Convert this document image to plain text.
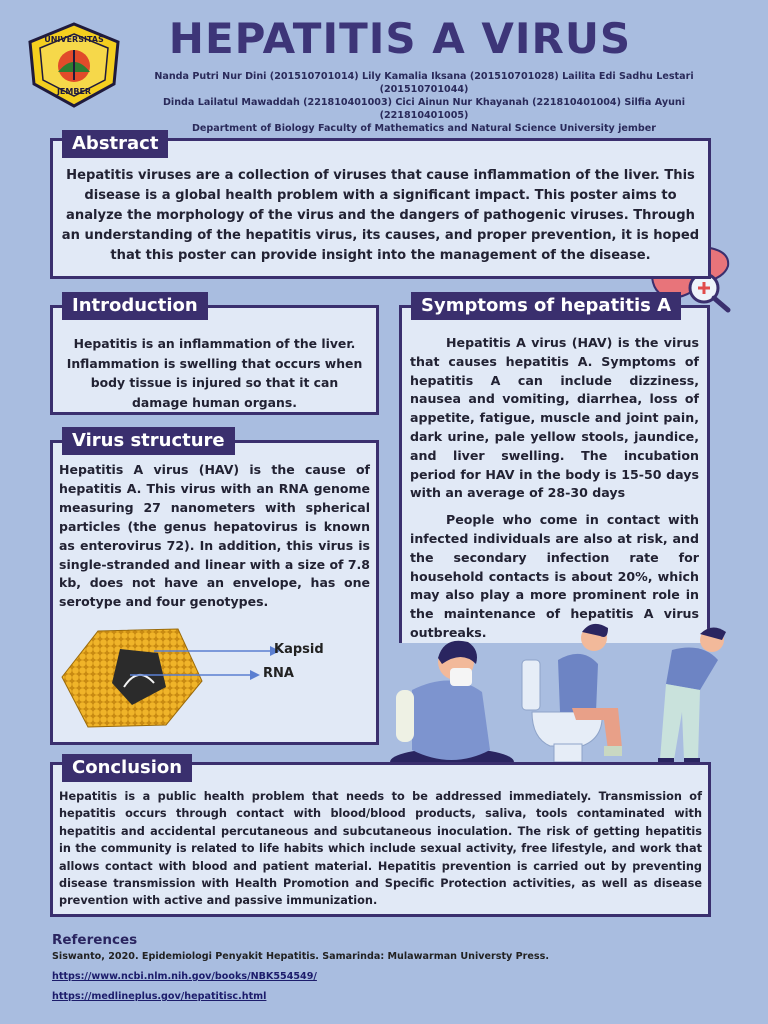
UNIVERSITAS
JEMBER
HEPATITIS A VIRUS
Nanda Putri Nur Dini (201510701014) Lily Kamalia Iksana (201510701028) Lailita Edi Sadhu Lestari (201510701044)
Dinda Lailatul Mawaddah (221810401003) Cici Ainun Nur Khayanah (221810401004) Silfia Ayuni (221810401005)
Department of Biology Faculty of Mathematics and Natural Science University jember
Hepatitis viruses are a collection of viruses that cause inflammation of the liver. This disease is a global health problem with a significant impact. This poster aims to analyze the morphology of the virus and the dangers of pathogenic viruses. Through an understanding of the hepatitis virus, its causes, and proper prevention, it is hoped that this poster can provide insight into the management of the disease.
Abstract
Hepatitis is an inflammation of the liver. Inflammation is swelling that occurs when body tissue is injured so that it can damage human organs.
Introduction

Hepatitis A virus (HAV) is the virus that causes hepatitis A. Symptoms of hepatitis A can include dizziness, nausea and vomiting, diarrhea, loss of appetite, fatigue, muscle and joint pain, dark urine, pale yellow stools, jaundice, and liver swelling. The incubation period for HAV in the body is 15-50 days with an average of 28-30 days

People who come in contact with infected individuals are also at risk, and the secondary infection rate for household contacts is about 20%, which may also play a more prominent role in the maintenance of hepatitis A virus outbreaks.

Symptoms of hepatitis A
Hepatitis A virus (HAV) is the cause of hepatitis A. This virus with an RNA genome measuring 27 nanometers with spherical particles (the genus hepatovirus is known as enterovirus 72). In addition, this virus is single-stranded and linear with a size of 7.8 kb, does not have an envelope, has one serotype and four genotypes.
Virus structure
Kapsid
RNA
Hepatitis is a public health problem that needs to be addressed immediately. Transmission of hepatitis occurs through contact with blood/blood products, saliva, tools contaminated with hepatitis and accidental percutaneous and subcutaneous inoculation. The risk of getting hepatitis in the community is related to life habits which include sexual activity, free lifestyle, and work that allows contact with blood and patient material. Hepatitis prevention is carried out by preventing disease transmission with Health Promotion and Specific Protection activities, as well as disease prevention with active and passive immunization.
Conclusion
References
Siswanto, 2020. Epidemiologi Penyakit Hepatitis. Samarinda: Mulawarman Universty Press.
https://www.ncbi.nlm.nih.gov/books/NBK554549/
https://medlineplus.gov/hepatitisc.html
